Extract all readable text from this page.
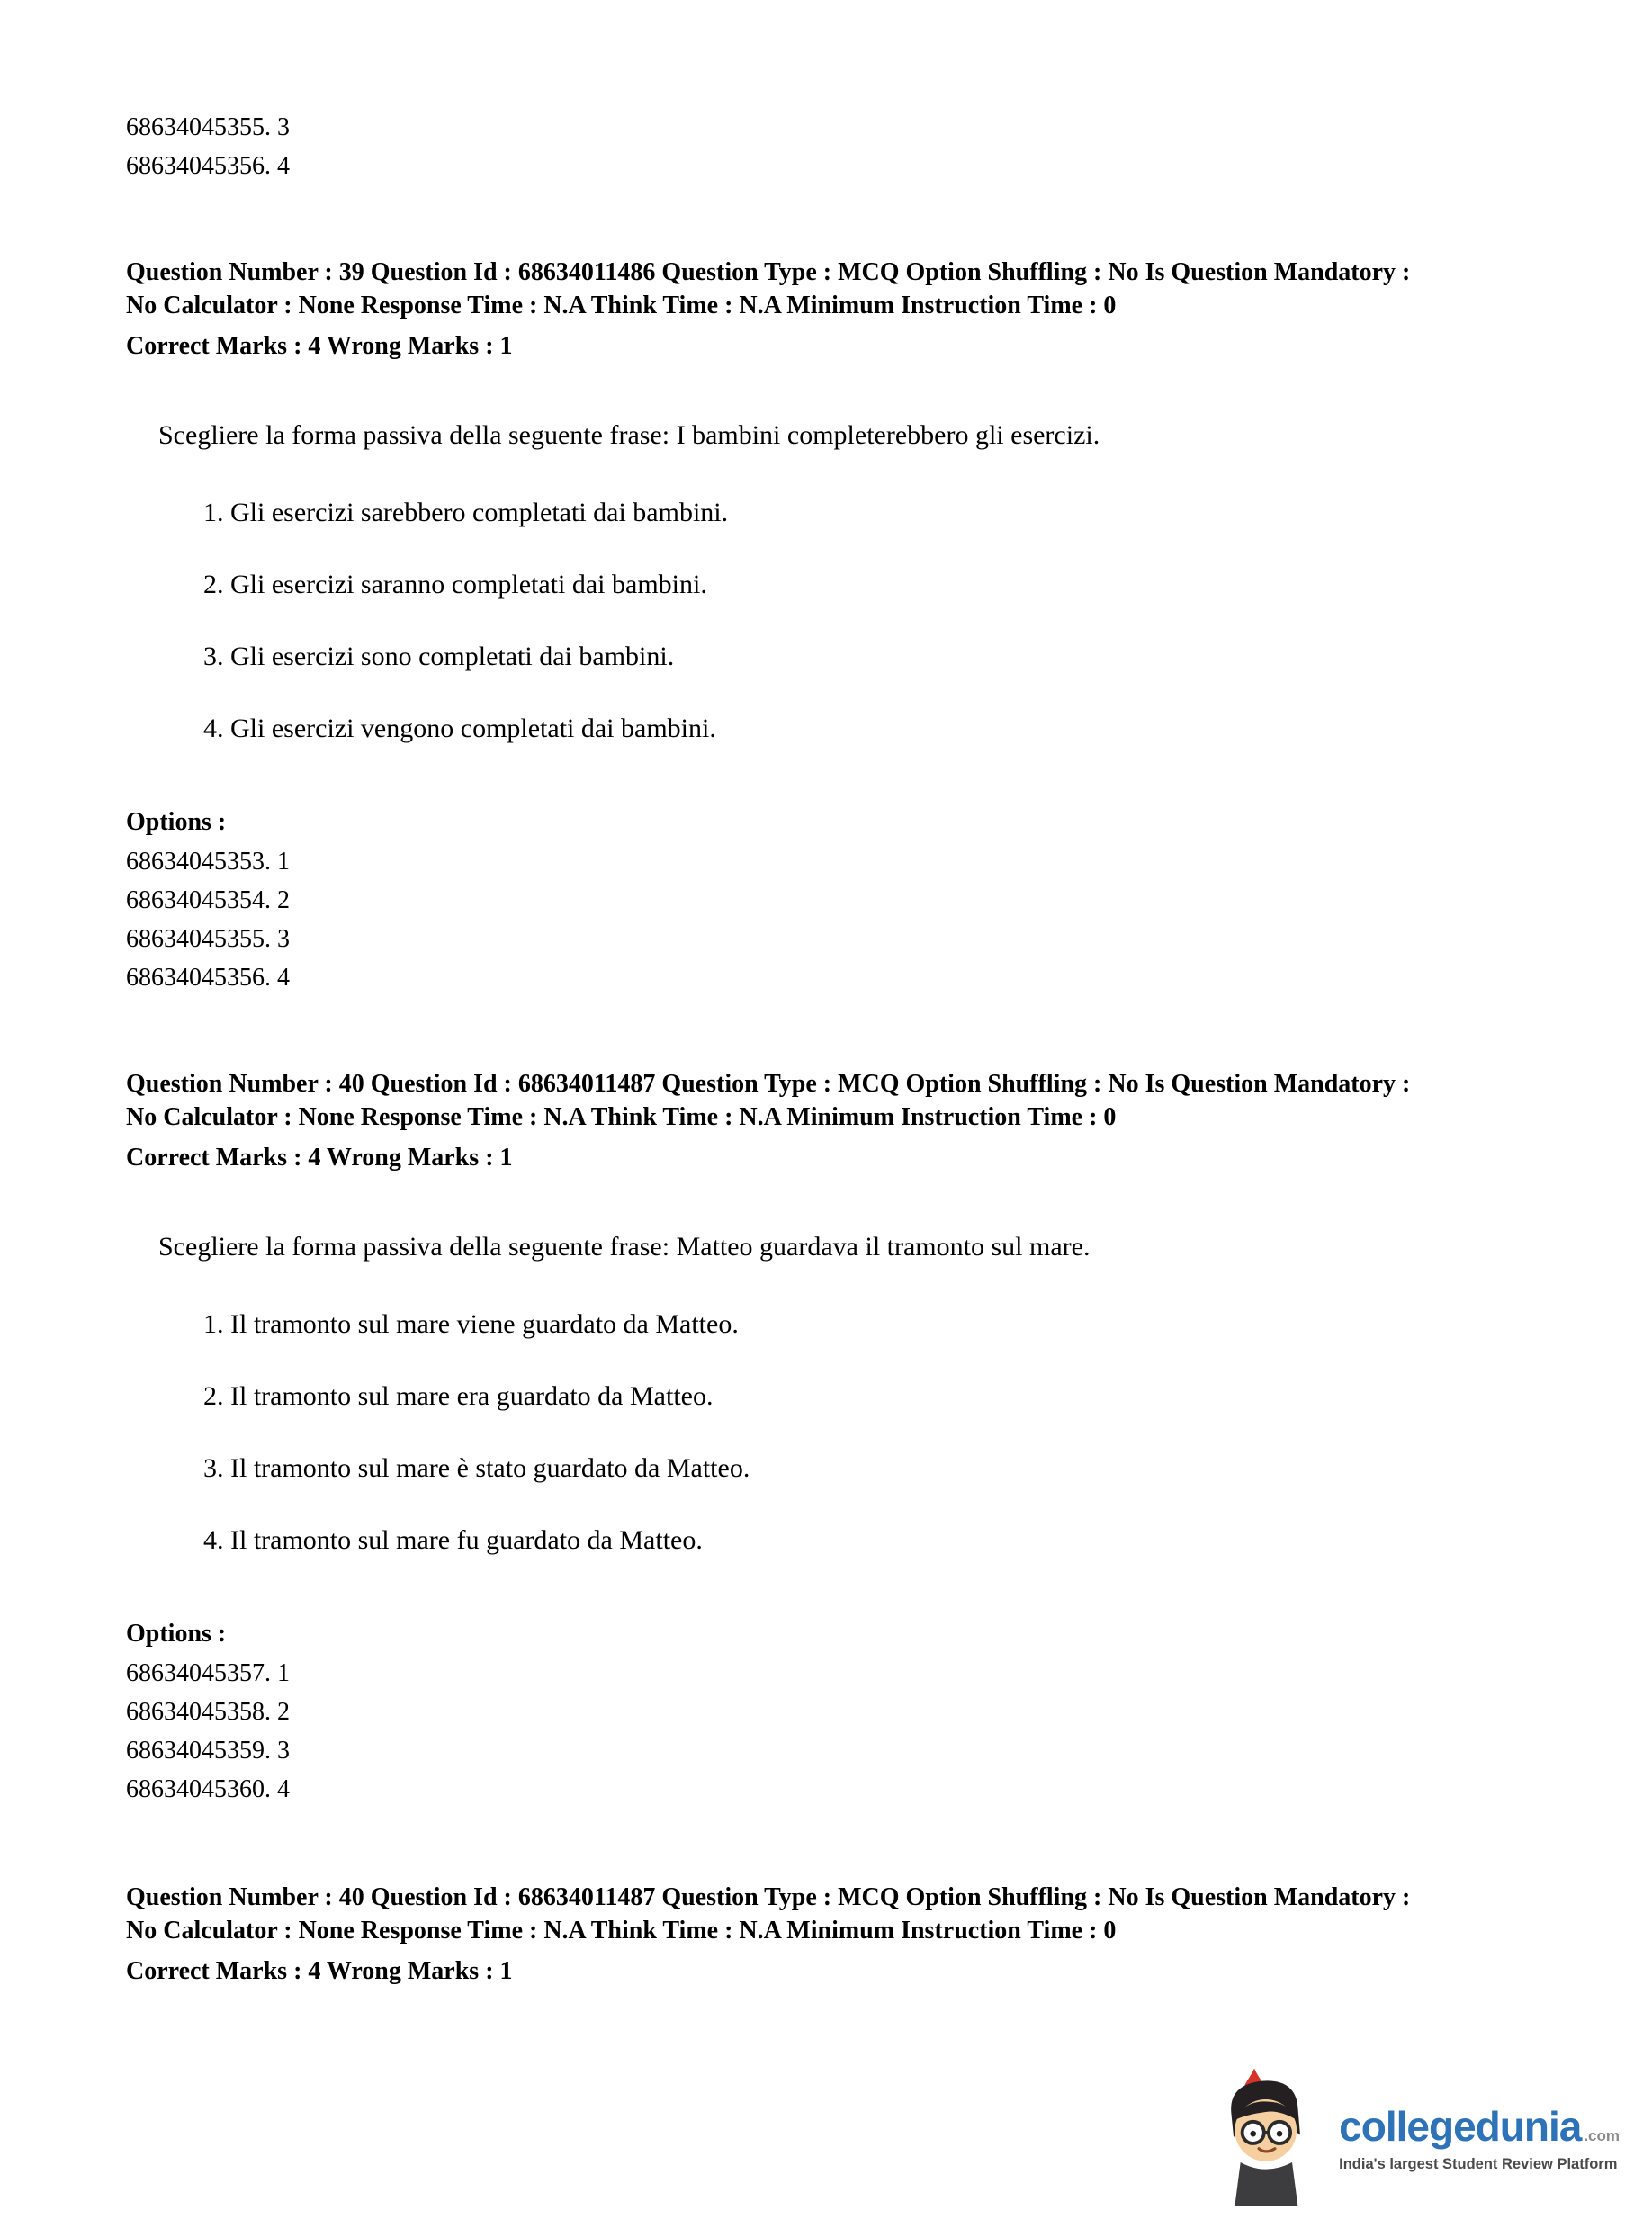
68634045355. 3
68634045356. 4
Question Number : 39 Question Id : 68634011486 Question Type : MCQ Option Shuffling : No Is Question Mandatory :
No Calculator : None Response Time : N.A Think Time : N.A Minimum Instruction Time : 0
Correct Marks : 4 Wrong Marks : 1
Scegliere la forma passiva della seguente frase: I bambini completerebbero gli esercizi.
1. Gli esercizi sarebbero completati dai bambini.
2. Gli esercizi saranno completati dai bambini.
3. Gli esercizi sono completati dai bambini.
4. Gli esercizi vengono completati dai bambini.
Options :
68634045353. 1
68634045354. 2
68634045355. 3
68634045356. 4
Question Number : 40 Question Id : 68634011487 Question Type : MCQ Option Shuffling : No Is Question Mandatory :
No Calculator : None Response Time : N.A Think Time : N.A Minimum Instruction Time : 0
Correct Marks : 4 Wrong Marks : 1
Scegliere la forma passiva della seguente frase: Matteo guardava il tramonto sul mare.
1. Il tramonto sul mare viene guardato da Matteo.
2. Il tramonto sul mare era guardato da Matteo.
3. Il tramonto sul mare è stato guardato da Matteo.
4. Il tramonto sul mare fu guardato da Matteo.
Options :
68634045357. 1
68634045358. 2
68634045359. 3
68634045360. 4
Question Number : 40 Question Id : 68634011487 Question Type : MCQ Option Shuffling : No Is Question Mandatory :
No Calculator : None Response Time : N.A Think Time : N.A Minimum Instruction Time : 0
Correct Marks : 4 Wrong Marks : 1
collegedunia .com
India's largest Student Review Platform
